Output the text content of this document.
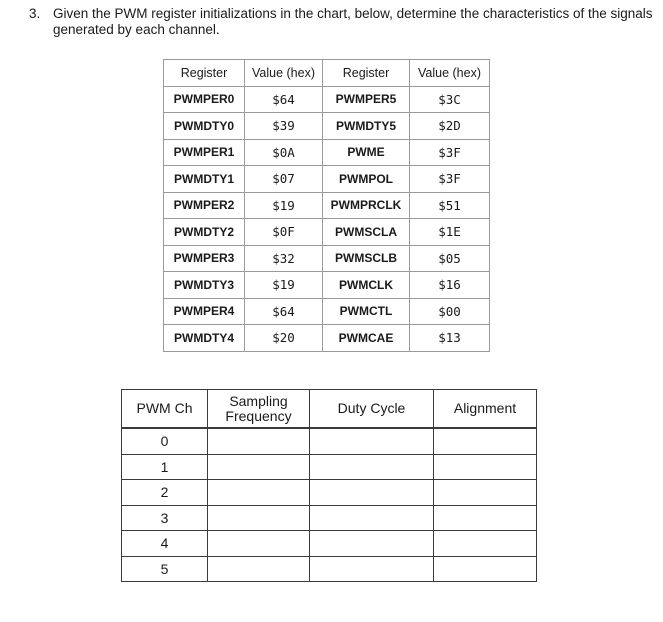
3. Given the PWM register initializations in the chart, below, determine the characteristics of the signals generated by each channel.
Register	Value (hex)	Register	Value (hex)
PWMPER0	$64	PWMPER5	$3C
PWMDTY0	$39	PWMDTY5	$2D
PWMPER1	$0A	PWME	$3F
PWMDTY1	$07	PWMPOL	$3F
PWMPER2	$19	PWMPRCLK	$51
PWMDTY2	$0F	PWMSCLA	$1E
PWMPER3	$32	PWMSCLB	$05
PWMDTY3	$19	PWMCLK	$16
PWMPER4	$64	PWMCTL	$00
PWMDTY4	$20	PWMCAE	$13
PWM Ch	Sampling Frequency	Duty Cycle	Alignment
0			
1			
2			
3			
4			
5			
